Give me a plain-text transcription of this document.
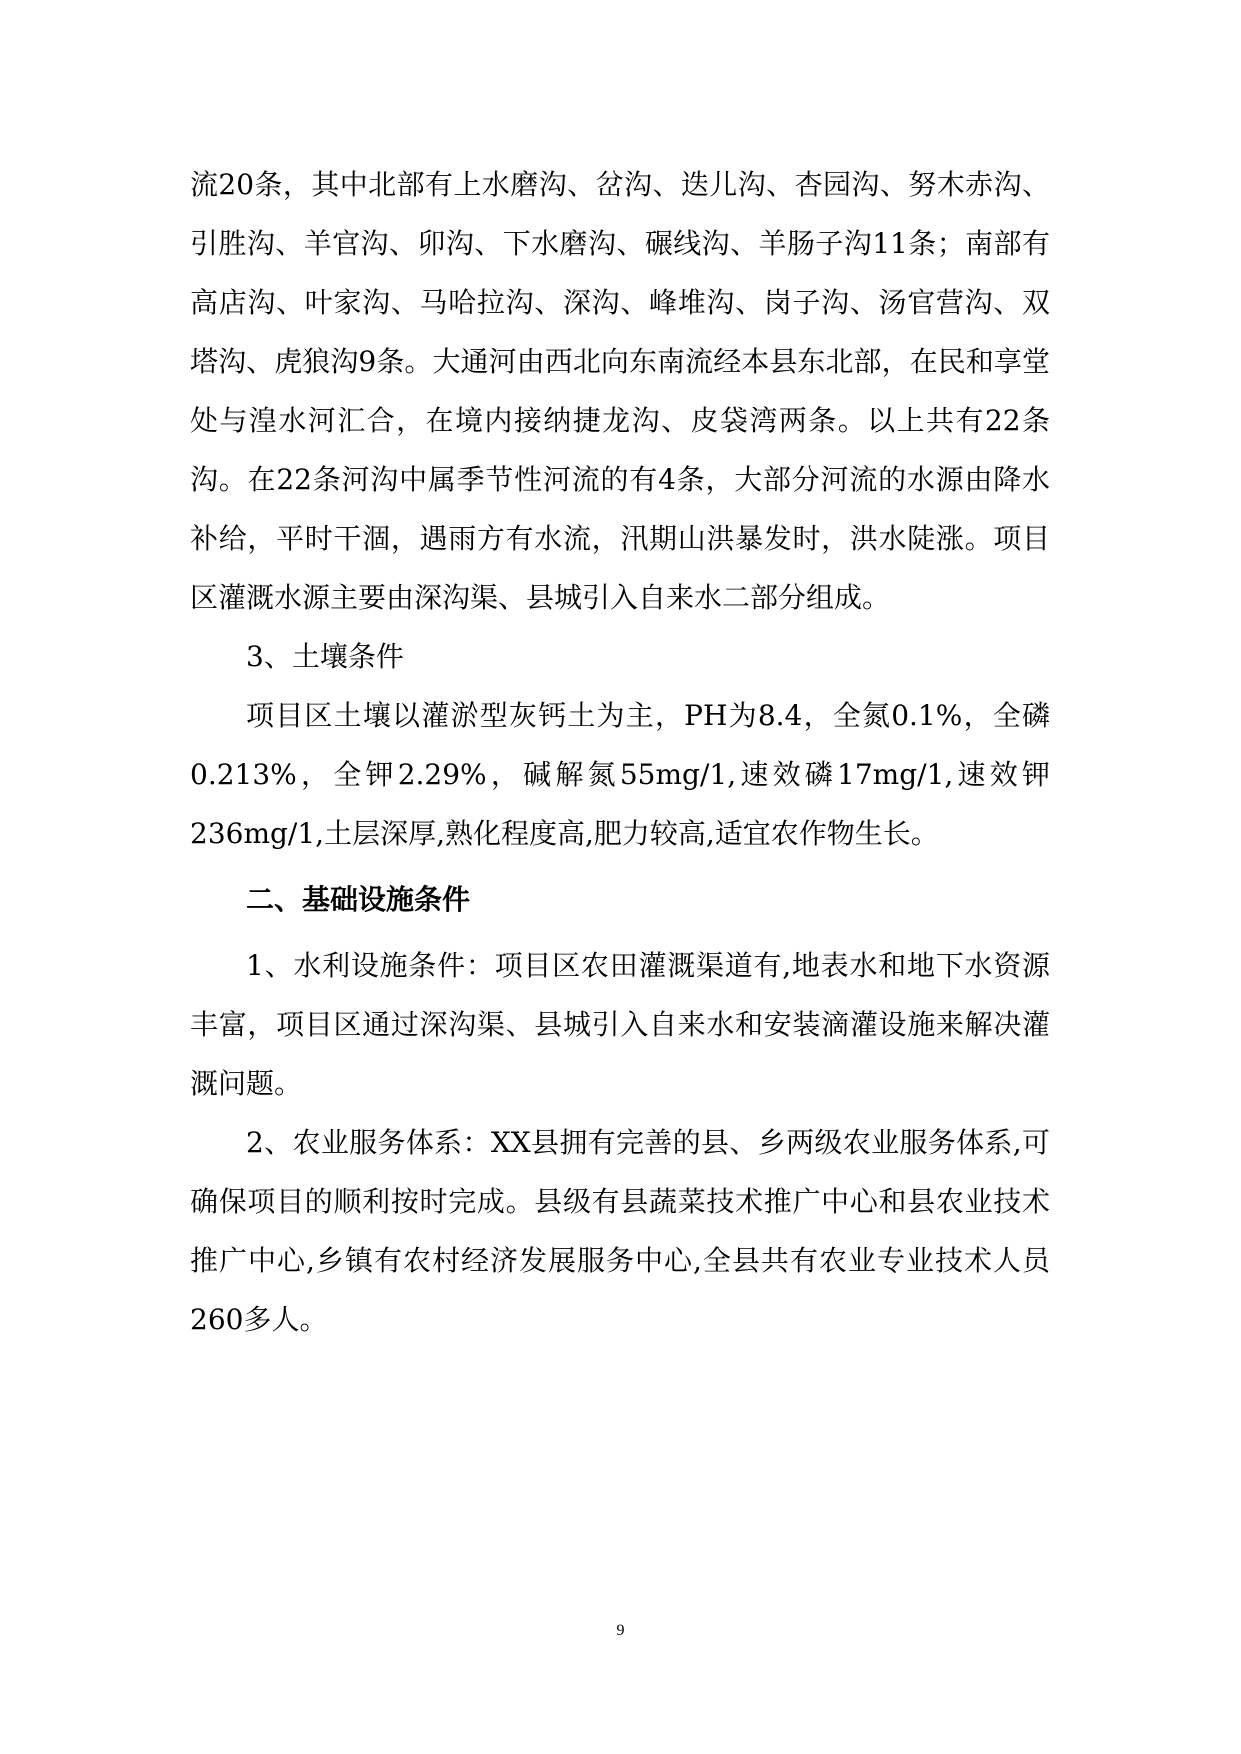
流20条，其中北部有上水磨沟、岔沟、迭儿沟、杏园沟、努木赤沟、引胜沟、羊官沟、卯沟、下水磨沟、碾线沟、羊肠子沟11条；南部有高店沟、叶家沟、马哈拉沟、深沟、峰堆沟、岗子沟、汤官营沟、双塔沟、虎狼沟9条。大通河由西北向东南流经本县东北部，在民和享堂处与湟水河汇合，在境内接纳捷龙沟、皮袋湾两条。以上共有22条沟。在22条河沟中属季节性河流的有4条，大部分河流的水源由降水补给，平时干涸，遇雨方有水流，汛期山洪暴发时，洪水陡涨。项目区灌溉水源主要由深沟渠、县城引入自来水二部分组成。

3、土壤条件

项目区土壤以灌淤型灰钙土为主，PH为8.4，全氮0.1%，全磷0.213%，全钾2.29%，碱解氮55mg/1,速效磷17mg/1,速效钾236mg/1,土层深厚,熟化程度高,肥力较高,适宜农作物生长。

二、基础设施条件

1、水利设施条件：项目区农田灌溉渠道有,地表水和地下水资源丰富，项目区通过深沟渠、县城引入自来水和安装滴灌设施来解决灌溉问题。

2、农业服务体系：XX县拥有完善的县、乡两级农业服务体系,可确保项目的顺利按时完成。县级有县蔬菜技术推广中心和县农业技术推广中心,乡镇有农村经济发展服务中心,全县共有农业专业技术人员260多人。

9
